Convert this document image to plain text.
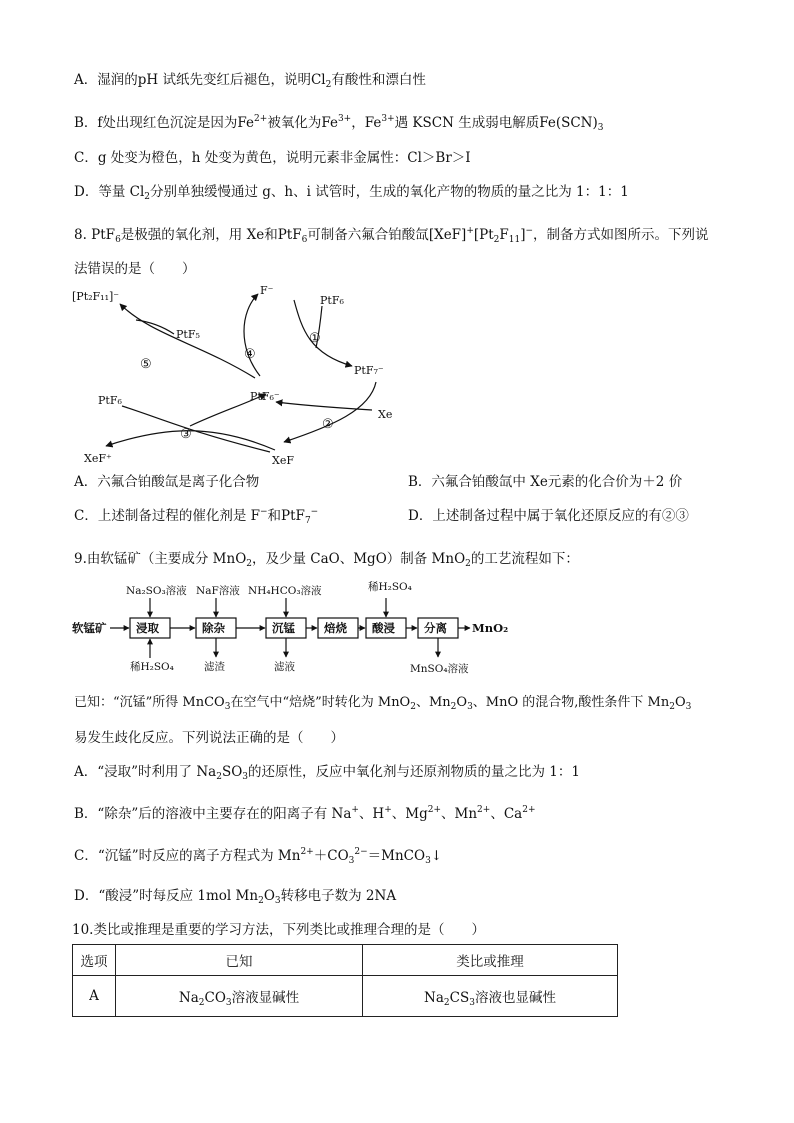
A．湿润的pH 试纸先变红后褪色，说明$Cl_2$有酸性和漂白性
B．f处出现红色沉淀是因为$Fe^{2+}$被氧化为$Fe^{3+}$，$Fe^{3+}$遇 KSCN 生成弱电解质$Fe(SCN)_3$
C．g 处变为橙色，h 处变为黄色，说明元素非金属性：Cl＞Br＞I
D．等量 $Cl_2$分别单独缓慢通过 g、h、i 试管时，生成的氧化产物的物质的量之比为 1：1：1
8. PtF$_6$是极强的氧化剂，用 Xe和PtF$_6$可制备六氟合铂酸氙$[XeF]^+[Pt_2F_{11}]^-$，制备方式如图所示。下列说
法错误的是（　　）
[Pt₂F₁₁]⁻	F⁻
PtF₆
PtF₅
PtF₇⁻
PtF₆⁻
PtF₆
Xe
XeF⁺	XeF
①
②
③
④
⑤
A．六氟合铂酸氙是离子化合物	B．六氟合铂酸氙中 Xe元素的化合价为＋2 价
C．上述制备过程的催化剂是 F−和PtF$_7$−	D．上述制备过程中属于氧化还原反应的有②③
9.由软锰矿（主要成分 MnO$_2$，及少量 CaO、MgO）制备 MnO$_2$的工艺流程如下：
软锰矿	浸取	除杂	沉锰	焙烧 酸浸	分离 MnO₂
Na₂SO₃溶液
稀H₂SO₄
NaF溶液
滤渣
NH₄HCO₃溶液
滤液
稀H₂SO₄
MnSO₄溶液
已知：“沉锰”所得 MnCO$_3$在空气中“焙烧”时转化为 MnO$_2$、$Mn_2O_3$、MnO 的混合物,酸性条件下 $Mn_2O_3$
易发生歧化反应。下列说法正确的是（　　）
A．“浸取”时利用了 $Na_2SO_3$的还原性，反应中氧化剂与还原剂物质的量之比为 1：1
B．“除杂”后的溶液中主要存在的阳离子有 Na+、H+、$Mg^{2+}$、$Mn^{2+}$、$Ca^{2+}$
C．“沉锰”时反应的离子方程式为 $Mn^{2+}+CO_3^{2-}=MnCO_3↓$
D．“酸浸”时每反应 1mol $Mn_2O_3$转移电子数为 2NA
10.类比或推理是重要的学习方法，下列类比或推理合理的是（　　）
选项	已知	类比或推理
A	$Na_2CO_3$溶液显碱性	$Na_2CS_3$溶液也显碱性
